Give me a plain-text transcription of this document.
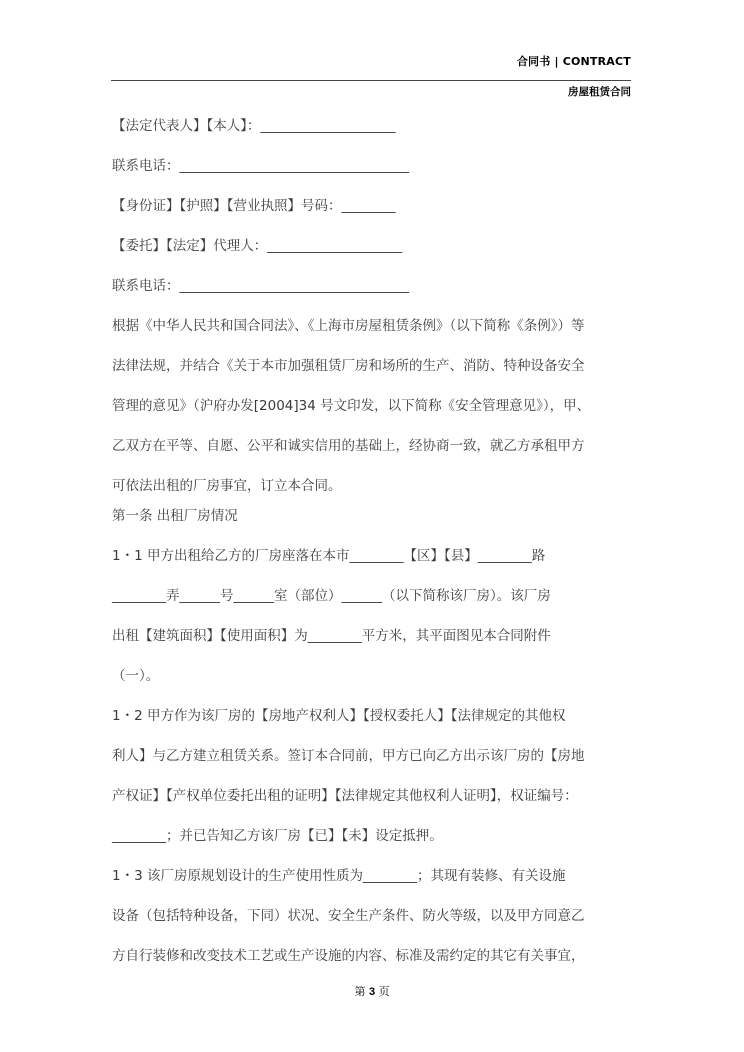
合同书 | CONTRACT
房屋租赁合同
【法定代表人】【本人】：____________________
联系电话：__________________________________
【身份证】【护照】【营业执照】号码：________
【委托】【法定】代理人：____________________
联系电话：__________________________________
根据《中华人民共和国合同法》、《上海市房屋租赁条例》（以下简称《条例》）等
法律法规，并结合《关于本市加强租赁厂房和场所的生产、消防、特种设备安全
管理的意见》（沪府办发[2004]34 号文印发，以下简称《安全管理意见》），甲、
乙双方在平等、自愿、公平和诚实信用的基础上，经协商一致，就乙方承租甲方
可依法出租的厂房事宜，订立本合同。
第一条 出租厂房情况
1・1 甲方出租给乙方的厂房座落在本市________【区】【县】________路
________弄______号______室（部位）______（以下简称该厂房）。该厂房
出租【建筑面积】【使用面积】为________平方米，其平面图见本合同附件
（一）。
1・2 甲方作为该厂房的【房地产权利人】【授权委托人】【法律规定的其他权
利人】与乙方建立租赁关系。签订本合同前，甲方已向乙方出示该厂房的【房地
产权证】【产权单位委托出租的证明】【法律规定其他权利人证明】，权证编号：
________；并已告知乙方该厂房【已】【未】设定抵押。
1・3 该厂房原规划设计的生产使用性质为________；其现有装修、有关设施
设备（包括特种设备，下同）状况、安全生产条件、防火等级，以及甲方同意乙
方自行装修和改变技术工艺或生产设施的内容、标准及需约定的其它有关事宜，
第 3 页
